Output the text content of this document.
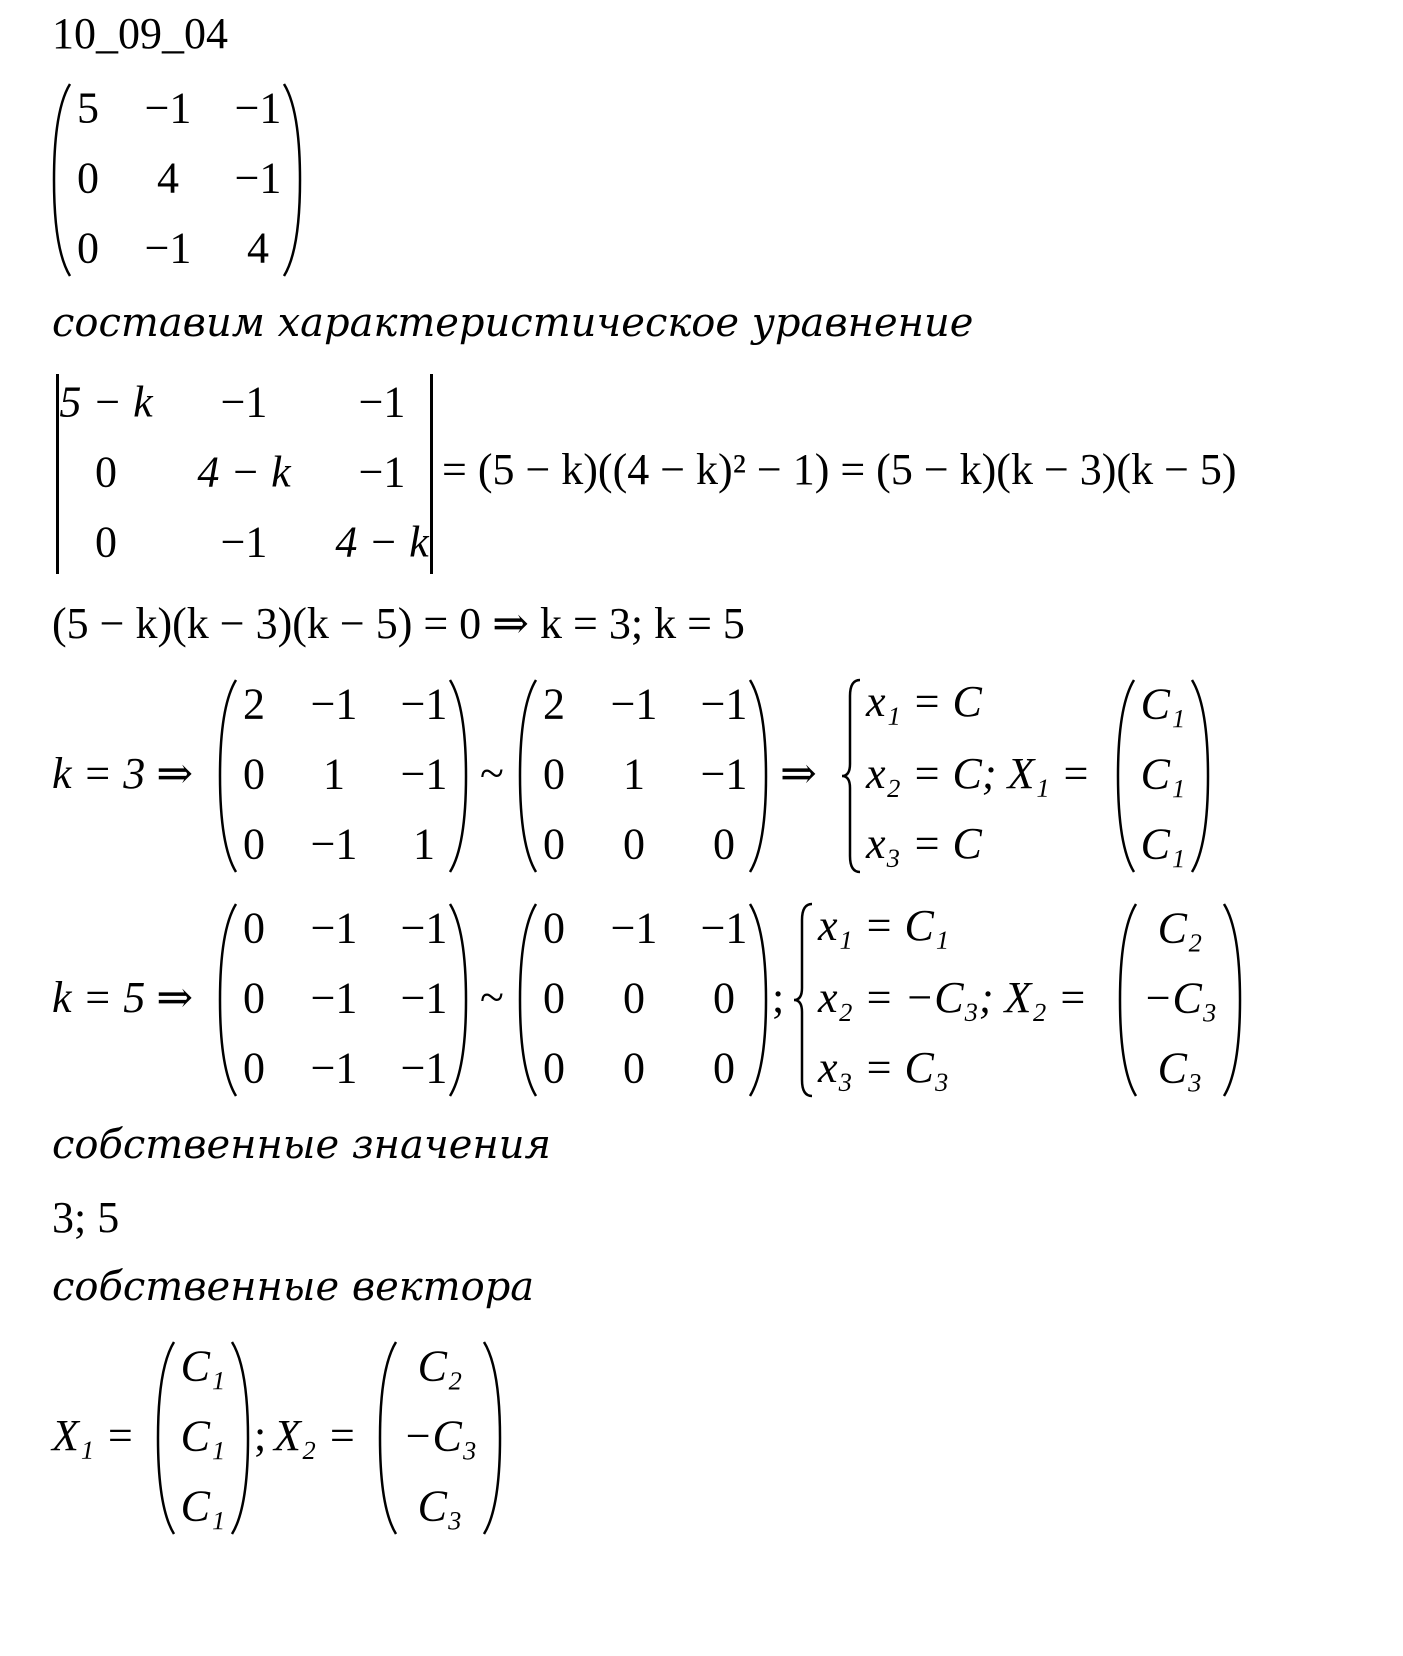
10_09_04
5 −1 −1
0 4 −1
0 −1 4
составим характеристическое уравнение
5 − k −1 −1
0 4 − k −1
0 −1 4 − k
= (5 − k)((4 − k)² − 1) = (5 − k)(k − 3)(k − 5)
(5 − k)(k − 3)(k − 5) = 0 ⇒ k = 3; k = 5
k = 3 ⇒
2 −1 −1
0 1 −1
0 −1 1
~
2 −1 −1
0 1 −1
0 0 0
⇒
x₁ = C
x₂ = C; X₁ =
x₃ = C
C₁
C₁
C₁
k = 5 ⇒
0 −1 −1
0 −1 −1
0 −1 −1
~
0 −1 −1
0 0 0
0 0 0
;
x₁ = C₁
x₂ = −C₃; X₂ =
x₃ = C₃
C₂
−C₃
C₃
собственные значения
3; 5
собственные вектора
X₁ =
C₁
C₁
C₁
; X₂ =
C₂
−C₃
C₃
